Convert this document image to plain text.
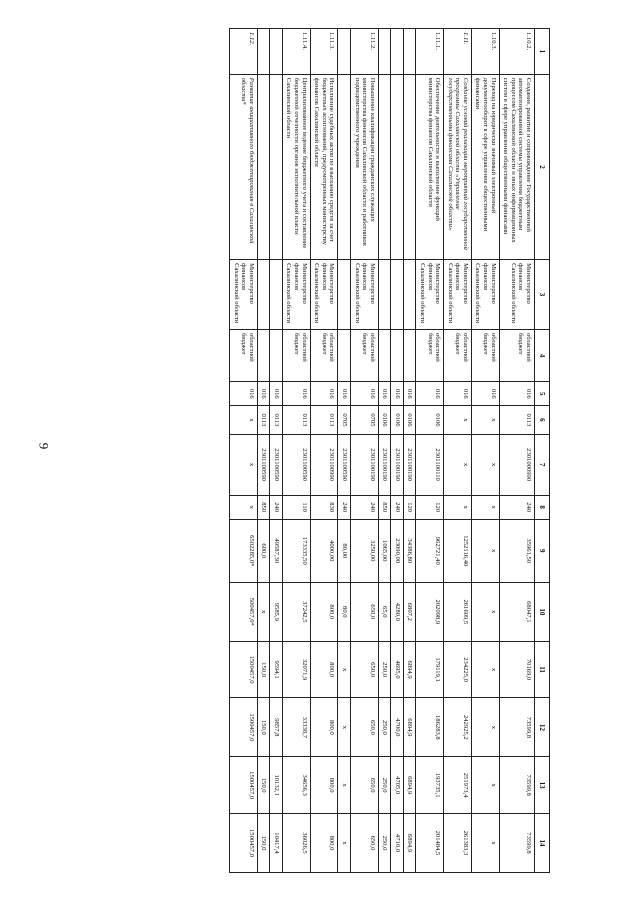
9
1	2	3	4	5	6	7	8	9	10	11	12	13	14
1.10.2.	Создание, развитие и сопровождение Государственной автоматизированной системы управления бюджетным процессом Сахалинской области и иных информационных систем в сфере управления общественными финансами	Министерство финансов Сахалинской области	областной бюджет	016	0113	2301000990	240	35961,50	68047,1	70169,0	73599,8	73599,8	73599,8
1.10.3.	Переход на юридически значимый электронный документооборот в сфере управления общественными финансами	Министерство финансов Сахалинской области	областной бюджет	016	x	x	x	x	x	x	x	x	x
1.11.	Создание условий реализации мероприятий государственной программы Сахалинской области «Управление государственными финансами Сахалинской области»	Министерство финансов Сахалинской области	областной бюджет	016	x	x	x	1252116,40	261609,5	234225,0	242925,2	251973,4	261383,3
1.11.1.	Обеспечение деятельности и выполнение функций министерства финансов Сахалинской области	Министерство финансов Сахалинской области	областной бюджет	016	0106	2301100110	120	962721,40	202098,9	179119,1	186283,8	193735,1	201484,5
				016	0106	2301100190	120	34386,80	6807,2	6894,9	6894,9	6894,9	6894,9
				016	0106	2301100190	240	23090,00	4280,0	4695,0	4700,0	4705,0	4710,0
				016	0106	2301100190	850	1065,00	65,0	250,0	250,0	250,0	250,0
1.11.2.	Повышение квалификации гражданских служащих министерства финансов Сахалинской области и работников подведомственного учреждения	Министерство финансов Сахалинской области	областной бюджет	016	0705	2301100190	240	3250,00	650,0	650,0	650,0	650,0	650,0
				016	0705	2301100590	240	80,00	80,0	x	x	x	x
1.11.3.	Исполнение судебных актов по взысканию средств за счет бюджетных ассигнований, предусмотренных министерству финансов Сахалинской области	Министерство финансов Сахалинской области	областной бюджет	016	0113	2301100990	830	4000,00	800,0	800,0	800,0	800,0	800,0
1.11.4.	Централизованное ведение бюджетного учета и составление бюджетной отчетности органов исполнительной власти Сахалинской области	Министерство финансов Сахалинской области	областной бюджет	016	0113	2301100590	110	173335,50	37242,5	32071,9	33338,7	34656,3	36026,5
				016	0113	2301100590	240	49587,30	9585,9	9594,1	9857,8	10132,1	10417,4
				016	0113	2301100590	850	600,0	x	150,0	150,0	150,0	150,0
1.12.	Развитие инициативного бюджетирования в Сахалинской области*	Министерство финансов Сахалинской области	областной бюджет	016	x	x	x	6502285,0*	500457,0*	1500457,0	1500457,0	1500457,0	1500457,0
